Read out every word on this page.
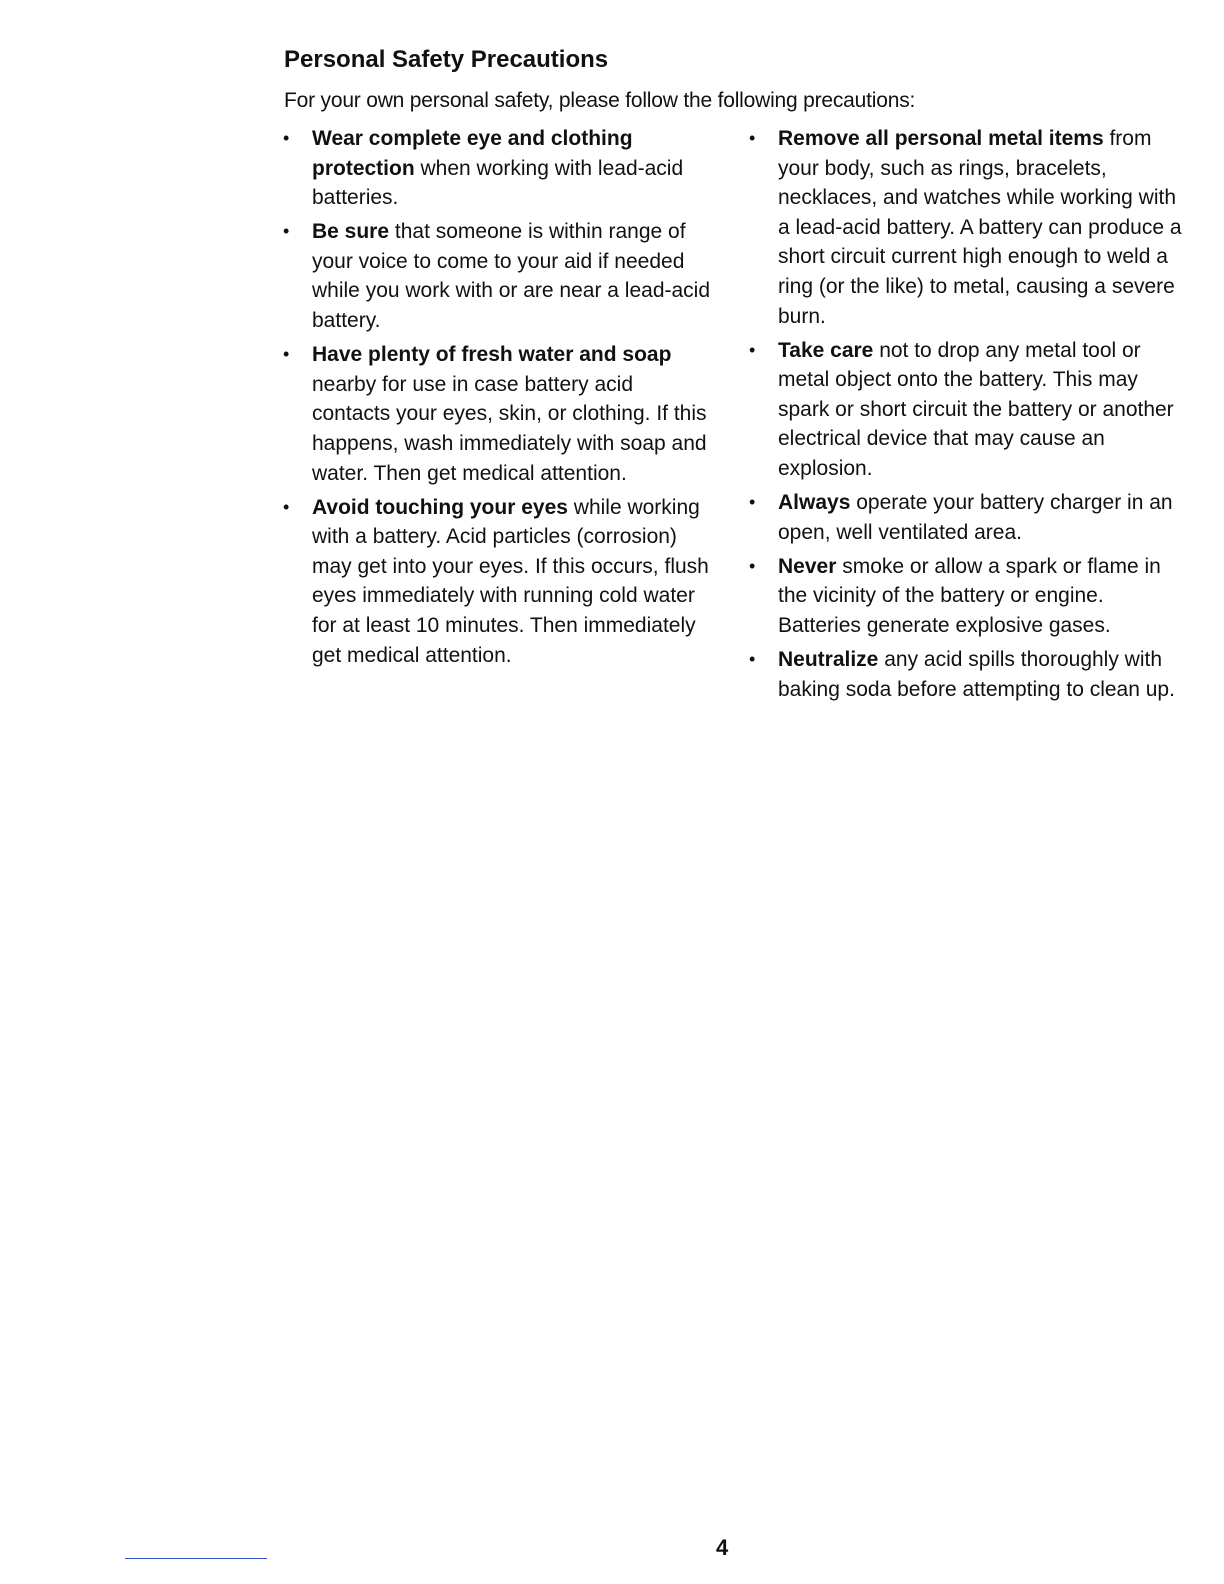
Personal Safety Precautions

For your own personal safety, please follow the following precautions:

• Wear complete eye and clothing protection when working with lead-acid batteries.
• Be sure that someone is within range of your voice to come to your aid if needed while you work with or are near a lead-acid battery.
• Have plenty of fresh water and soap nearby for use in case battery acid contacts your eyes, skin, or clothing. If this happens, wash immediately with soap and water. Then get medical attention.
• Avoid touching your eyes while working with a battery. Acid particles (corrosion) may get into your eyes. If this occurs, flush eyes immediately with running cold water for at least 10 minutes. Then immediately get medical attention.
• Remove all personal metal items from your body, such as rings, bracelets, necklaces, and watches while working with a lead-acid battery. A battery can produce a short circuit current high enough to weld a ring (or the like) to metal, causing a severe burn.
• Take care not to drop any metal tool or metal object onto the battery. This may spark or short circuit the battery or another electrical device that may cause an explosion.
• Always operate your battery charger in an open, well ventilated area.
• Never smoke or allow a spark or flame in the vicinity of the battery or engine. Batteries generate explosive gases.
• Neutralize any acid spills thoroughly with baking soda before attempting to clean up.
4
